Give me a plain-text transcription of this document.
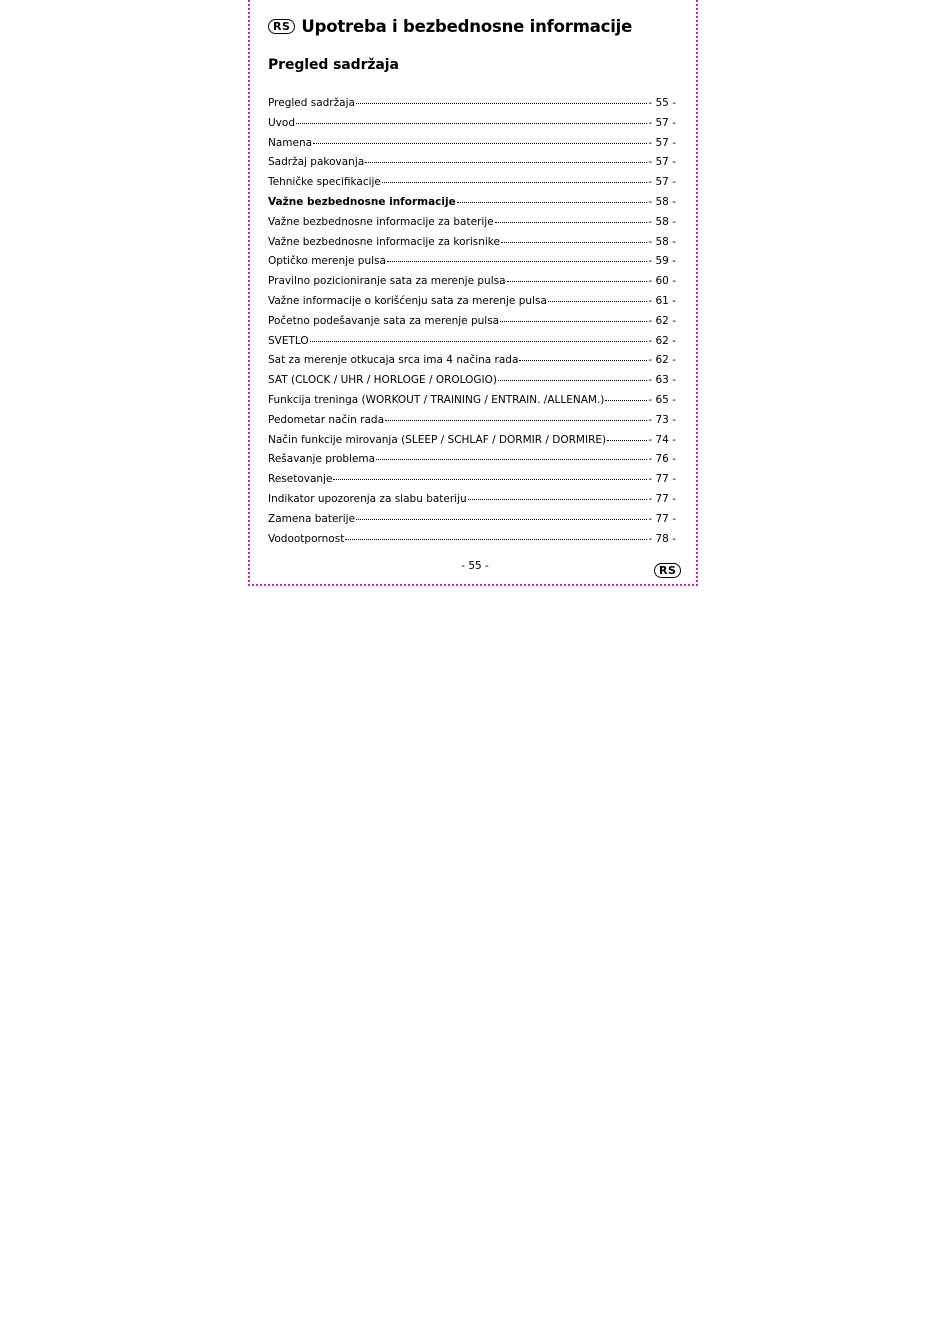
RS Upotreba i bezbednosne informacije
Pregled sadržaja
Pregled sadržaja	- 55 -
Uvod	- 57 -
Namena	- 57 -
Sadržaj pakovanja	- 57 -
Tehničke specifikacije	- 57 -
Važne bezbednosne informacije	- 58 -
Važne bezbednosne informacije za baterije	- 58 -
Važne bezbednosne informacije za korisnike	- 58 -
Optičko merenje pulsa	- 59 -
Pravilno pozicioniranje sata za merenje pulsa	- 60 -
Važne informacije o korišćenju sata za merenje pulsa	- 61 -
Početno podešavanje sata za merenje pulsa	- 62 -
SVETLO	- 62 -
Sat za merenje otkucaja srca ima 4 načina rada	- 62 -
SAT (CLOCK / UHR / HORLOGE / OROLOGIO)	- 63 -
Funkcija treninga (WORKOUT / TRAINING / ENTRAIN. /ALLENAM.)	- 65 -
Pedometar način rada	- 73 -
Način funkcije mirovanja (SLEEP / SCHLAF / DORMIR / DORMIRE)	- 74 -
Rešavanje problema	- 76 -
Resetovanje	- 77 -
Indikator upozorenja za slabu bateriju	- 77 -
Zamena baterije	- 77 -
Vodootpornost	- 78 -
- 55 -	RS
